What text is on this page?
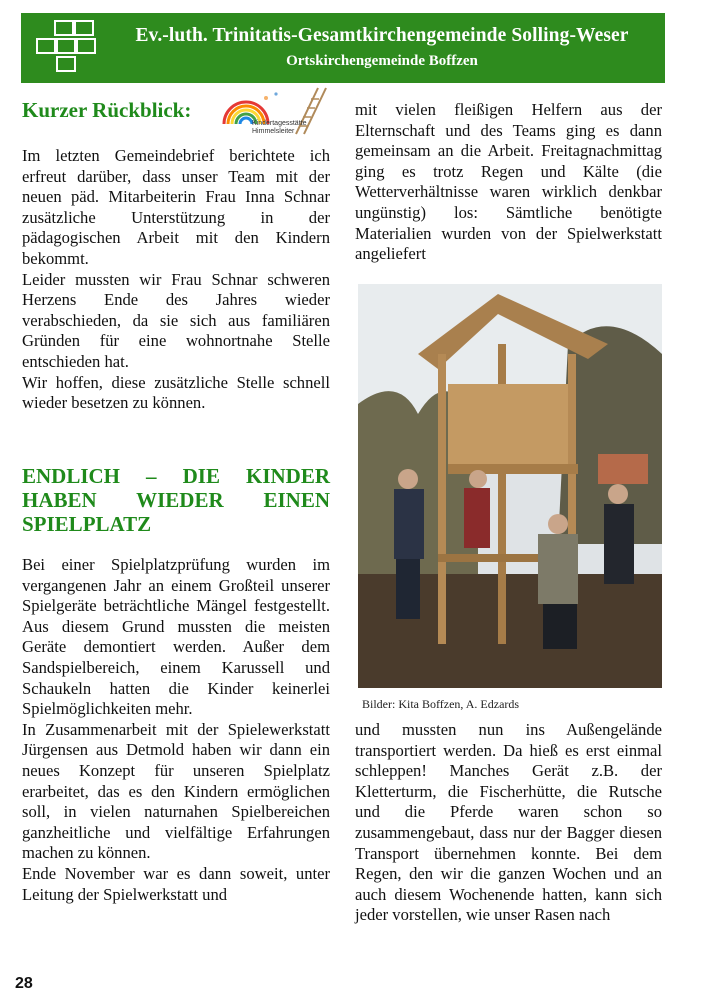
Ev.-luth. Trinitatis-Gesamtkirchengemeinde Solling-Weser
Ortskirchengemeinde Boffzen
Kurzer Rückblick:
Kindertagesstätte
Himmelsleiter

Im letzten Gemeindebrief berichtete ich erfreut darüber, dass unser Team mit der neuen päd. Mitarbeiterin Frau Inna Schnar zusätzliche Unterstützung in der pädagogischen Arbeit mit den Kindern bekommt.

Leider mussten wir Frau Schnar schweren Herzens Ende des Jahres wieder verabschieden, da sie sich aus familiären Gründen für eine wohnortnahe Stelle entschieden hat.

Wir hoffen, diese zusätzliche Stelle schnell wieder besetzen zu können.

ENDLICH – DIE KINDER HABEN WIEDER EINEN SPIELPLATZ

Bei einer Spielplatzprüfung wurden im vergangenen Jahr an einem Großteil unserer Spielgeräte beträchtliche Mängel festgestellt. Aus diesem Grund mussten die meisten Geräte demontiert werden. Außer dem Sandspielbereich, einem Karussell und Schaukeln hatten die Kinder keinerlei Spielmöglichkeiten mehr.

In Zusammenarbeit mit der Spielewerkstatt Jürgensen aus Detmold haben wir dann ein neues Konzept für unseren Spielplatz erarbeitet, das es den Kindern ermöglichen soll, in vielen naturnahen Spielbereichen ganzheitliche und vielfältige Erfahrungen machen zu können.

Ende November war es dann soweit, unter Leitung der Spielwerkstatt und

mit vielen fleißigen Helfern aus der Elternschaft und des Teams ging es dann gemeinsam an die Arbeit. Freitagnachmittag ging es trotz Regen und Kälte (die Wetterverhältnisse waren wirklich denkbar ungünstig) los: Sämtliche benötigte Materialien wurden von der Spielwerkstatt angeliefert

Bilder: Kita Boffzen, A. Edzards

und mussten nun ins Außengelände transportiert werden. Da hieß es erst einmal schleppen! Manches Gerät z.B. der Kletterturm, die Fischerhütte, die Rutsche und die Pferde waren schon so zusammengebaut, dass nur der Bagger diesen Transport übernehmen konnte. Bei dem Regen, den wir die ganzen Wochen und an auch diesem Wochenende hatten, kann sich jeder vorstellen, wie unser Rasen nach

28
